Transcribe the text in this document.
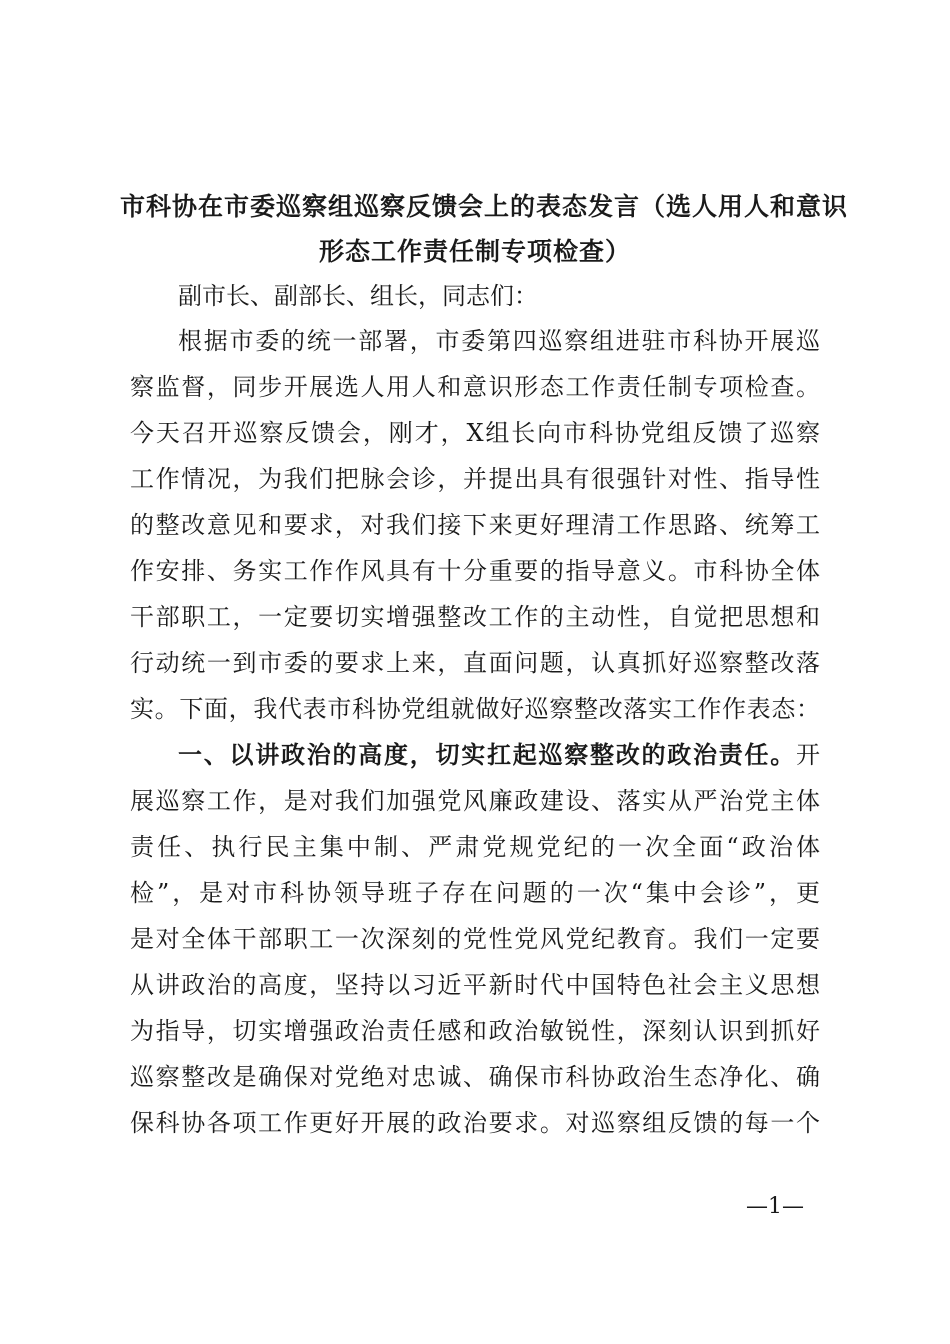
市科协在市委巡察组巡察反馈会上的表态发言（选人用人和意识
形态工作责任制专项检查）
副市长、副部长、组长，同志们：
根据市委的统一部署，市委第四巡察组进驻市科协开展巡
察监督，同步开展选人用人和意识形态工作责任制专项检查。
今天召开巡察反馈会，刚才，X组长向市科协党组反馈了巡察
工作情况，为我们把脉会诊，并提出具有很强针对性、指导性
的整改意见和要求，对我们接下来更好理清工作思路、统筹工
作安排、务实工作作风具有十分重要的指导意义。市科协全体
干部职工，一定要切实增强整改工作的主动性，自觉把思想和
行动统一到市委的要求上来，直面问题，认真抓好巡察整改落
实。下面，我代表市科协党组就做好巡察整改落实工作作表态：
一、以讲政治的高度，切实扛起巡察整改的政治责任。开
展巡察工作，是对我们加强党风廉政建设、落实从严治党主体
责任、执行民主集中制、严肃党规党纪的一次全面“政治体
检”，是对市科协领导班子存在问题的一次“集中会诊”，更
是对全体干部职工一次深刻的党性党风党纪教育。我们一定要
从讲政治的高度，坚持以习近平新时代中国特色社会主义思想
为指导，切实增强政治责任感和政治敏锐性，深刻认识到抓好
巡察整改是确保对党绝对忠诚、确保市科协政治生态净化、确
保科协各项工作更好开展的政治要求。对巡察组反馈的每一个
—1—
